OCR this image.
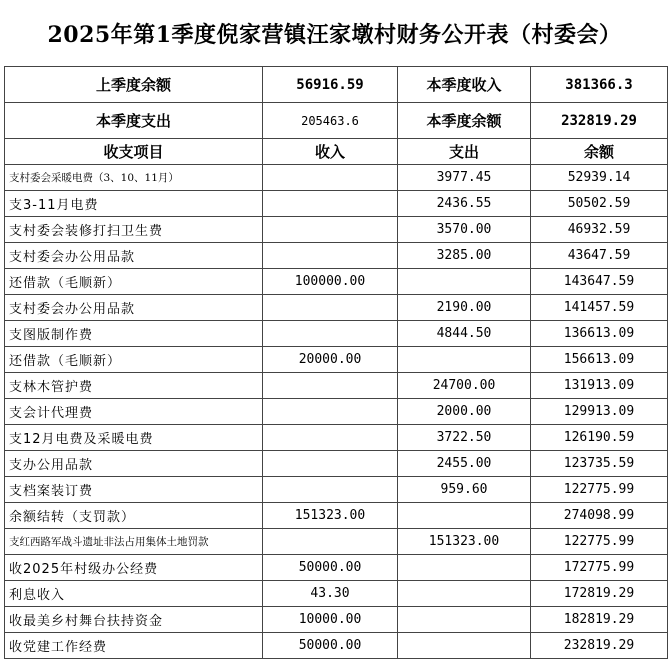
2025年第1季度倪家营镇汪家墩村财务公开表（村委会）
上季度余额	56916.59	本季度收入	381366.3
本季度支出	205463.6	本季度余额	232819.29
收支项目	收入	支出	余额
支村委会采暖电费（3、10、11月）		3977.45	52939.14
支3-11月电费		2436.55	50502.59
支村委会装修打扫卫生费		3570.00	46932.59
支村委会办公用品款		3285.00	43647.59
还借款（毛顺新）	100000.00		143647.59
支村委会办公用品款		2190.00	141457.59
支图版制作费		4844.50	136613.09
还借款（毛顺新）	20000.00		156613.09
支林木管护费		24700.00	131913.09
支会计代理费		2000.00	129913.09
支12月电费及采暖电费		3722.50	126190.59
支办公用品款		2455.00	123735.59
支档案装订费		959.60	122775.99
余额结转（支罚款）	151323.00		274098.99
支红西路军战斗遗址非法占用集体土地罚款		151323.00	122775.99
收2025年村级办公经费	50000.00		172775.99
利息收入	43.30		172819.29
收最美乡村舞台扶持资金	10000.00		182819.29
收党建工作经费	50000.00		232819.29
